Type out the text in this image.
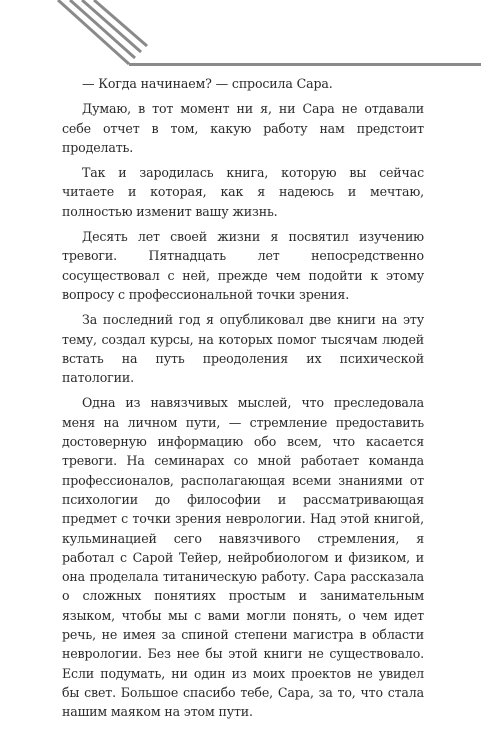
— Когда начинаем? — спросила Сара.

Думаю, в тот момент ни я, ни Сара не отдавали себе отчет в том, какую работу нам предстоит проделать.

Так и зародилась книга, которую вы сейчас читаете и которая, как я надеюсь и мечтаю, полностью изменит вашу жизнь.

Десять лет своей жизни я посвятил изучению тревоги. Пятнадцать лет непосредственно сосуществовал с ней, прежде чем подойти к этому вопросу с профессиональной точки зрения.

За последний год я опубликовал две книги на эту тему, создал курсы, на которых помог тысячам людей встать на путь преодоления их психической патологии.

Одна из навязчивых мыслей, что преследовала меня на личном пути, — стремление предоставить достоверную информацию обо всем, что касается тревоги. На семинарах со мной работает команда профессионалов, располагающая всеми знаниями от психологии до философии и рассматривающая предмет с точки зрения неврологии. Над этой книгой, кульминацией сего навязчивого стремления, я работал с Сарой Тейер, нейробиологом и физиком, и она проделала титаническую работу. Сара рассказала о сложных понятиях простым и занимательным языком, чтобы мы с вами могли понять, о чем идет речь, не имея за спиной степени магистра в области неврологии. Без нее бы этой книги не существовало. Если подумать, ни один из моих проектов не увидел бы свет. Большое спасибо тебе, Сара, за то, что стала нашим маяком на этом пути.
